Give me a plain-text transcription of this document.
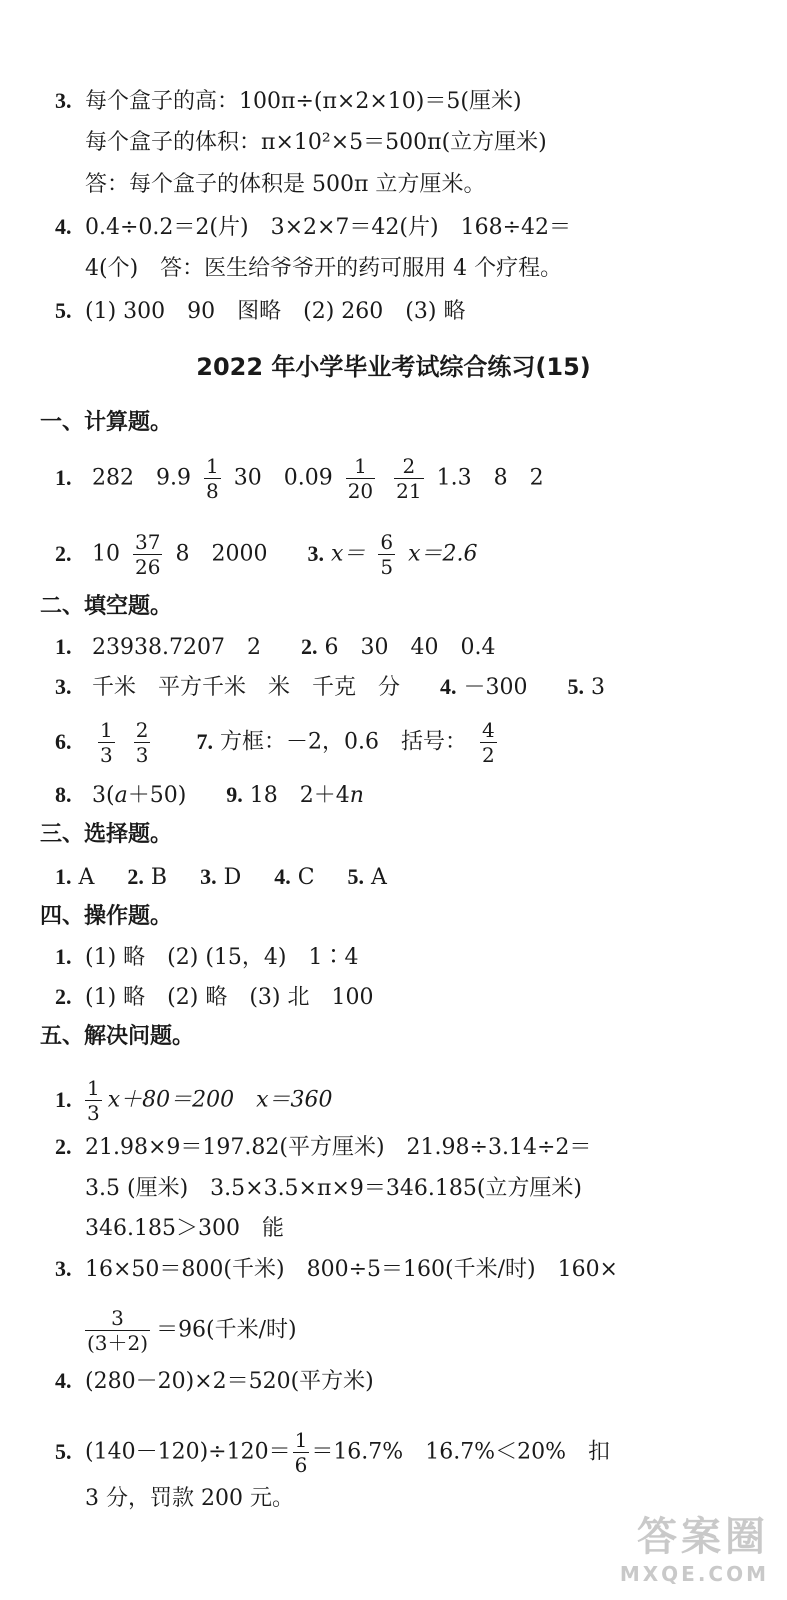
3. 每个盒子的高：100π÷(π×2×10)＝5(厘米)
每个盒子的体积：π×10²×5＝500π(立方厘米)
答：每个盒子的体积是 500π 立方厘米。
4. 0.4÷0.2＝2(片)　3×2×7＝42(片)　168÷42＝
4(个)　答：医生给爷爷开的药可服用 4 个疗程。
5. (1) 300　90　图略　(2) 260　(3) 略
2022 年小学毕业考试综合练习(15)
一、计算题。
1. 282　$9.9 \frac{1}{8} 30$　$0.09 \frac{1}{20}$
$\frac{2}{21} 1.3$　8　2
2. $10 \frac{37}{26} 8$　2000 3. $x= \frac{6}{5} x=2.6$
二、填空题。
1. 23938.7207　2 2. 6　30　40　0.4
3. 千米　平方千米　米　千克　分 4. －300 5. 3
6. $\frac{1}{3}$
$\frac{2}{3} 7$. 方框：－2，0.6　括号： $\frac{4}{2}$
8. 3(a＋50) 9. 18　2＋4n
三、选择题。
1. A 2. B 3. D 4. C 5. A
四、操作题。
1. (1) 略　(2) (15，4)　1∶4
2. (1) 略　(2) 略　(3) 北　100
五、解决问题。
1. $\frac{1}{3} x+80=200$　x＝360
2. 21.98×9＝197.82(平方厘米)　21.98÷3.14÷2＝
3.5 (厘米)　3.5×3.5×π×9＝346.185(立方厘米)
346.185＞300　能
3. 16×50＝800(千米)　800÷5＝160(千米/时)　160×
$\frac{3}{(3+2)} =96$(千米/时)
4. (280－20)×2＝520(平方米)
5. $(140-120)\div 120= \frac{1}{6} =16.7\%$　16.7%＜20%　扣
3 分，罚款 200 元。
答案圈
MXQE.COM
